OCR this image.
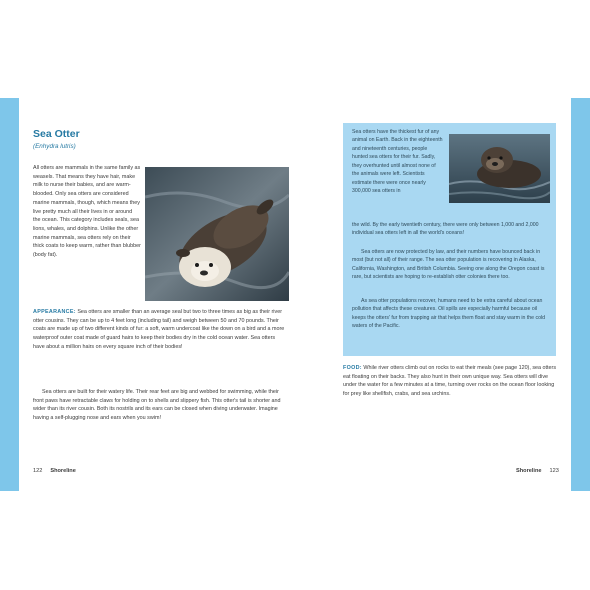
Sea Otter
(Enhydra lutris)

All otters are mammals in the same family as weasels. That means they have hair, make milk to nurse their babies, and are warm-blooded. Only sea otters are considered marine mammals, though, which means they live pretty much all their lives in or around the ocean. This category includes seals, sea lions, whales, and dolphins. Unlike the other marine mammals, sea otters rely on their thick coats to keep warm, rather than blubber (body fat).

APPEARANCE: Sea otters are smaller than an average seal but two to three times as big as their river otter cousins. They can be up to 4 feet long (including tail) and weigh between 50 and 70 pounds. Their coats are made up of two different kinds of fur: a soft, warm undercoat like the down on a bird and a more waterproof outer coat made of guard hairs to keep their bodies dry in the cold ocean water. Sea otters have about a million hairs on every square inch of their bodies!

Sea otters are built for their watery life. Their rear feet are big and webbed for swimming, while their front paws have retractable claws for holding on to shells and slippery fish. This otter's tail is shorter and wider than its river cousin. Both its nostrils and its ears can be closed when diving underwater. Imagine having a self-plugging nose and ears when you swim!

122 Shoreline

Sea otters have the thickest fur of any animal on Earth. Back in the eighteenth and nineteenth centuries, people hunted sea otters for their fur. Sadly, they overhunted until almost none of the animals were left. Scientists estimate there were once nearly 300,000 sea otters in

the wild. By the early twentieth century, there were only between 1,000 and 2,000 individual sea otters left in all the world's oceans!

Sea otters are now protected by law, and their numbers have bounced back in most (but not all) of their range. The sea otter population is recovering in Alaska, California, Washington, and British Columbia. Seeing one along the Oregon coast is rare, but scientists are hoping to re-establish otter colonies there too.

As sea otter populations recover, humans need to be extra careful about ocean pollution that affects these creatures. Oil spills are especially harmful because oil keeps the otters' fur from trapping air that helps them float and stay warm in the cold waters of the Pacific.

FOOD: While river otters climb out on rocks to eat their meals (see page 120), sea otters eat floating on their backs. They also hunt in their own unique way. Sea otters will dive under the water for a few minutes at a time, turning over rocks on the ocean floor looking for prey like shellfish, crabs, and sea urchins.

Shoreline 123
